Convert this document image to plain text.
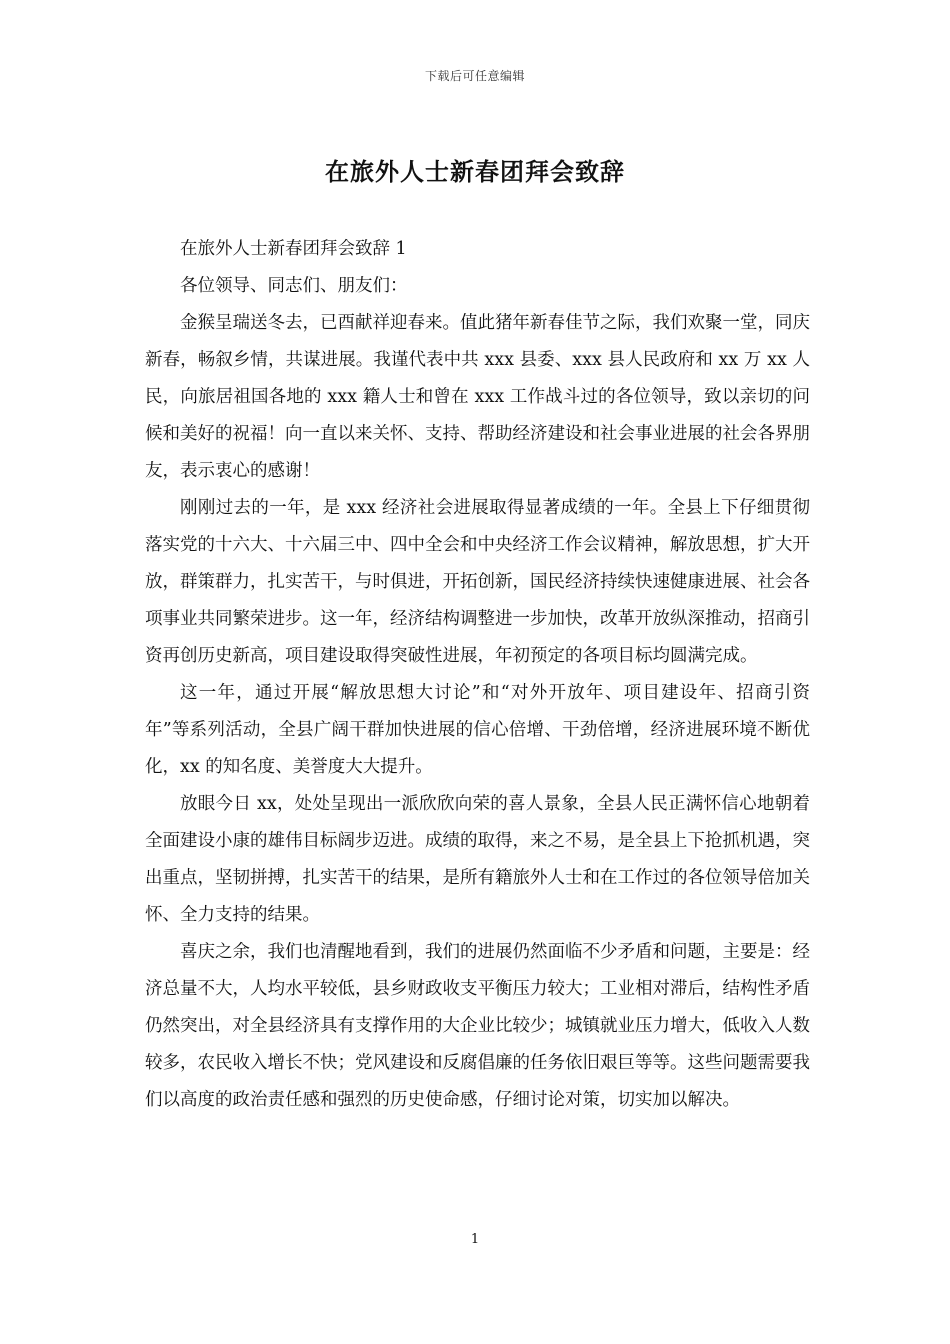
下载后可任意编辑
在旅外人士新春团拜会致辞

在旅外人士新春团拜会致辞 1

各位领导、同志们、朋友们：

金猴呈瑞送冬去，已酉献祥迎春来。值此猪年新春佳节之际，我们欢聚一堂，同庆新春，畅叙乡情，共谋进展。我谨代表中共 xxx 县委、xxx 县人民政府和 xx 万 xx 人民，向旅居祖国各地的 xxx 籍人士和曾在 xxx 工作战斗过的各位领导，致以亲切的问候和美好的祝福！向一直以来关怀、支持、帮助经济建设和社会事业进展的社会各界朋友，表示衷心的感谢！

刚刚过去的一年，是 xxx 经济社会进展取得显著成绩的一年。全县上下仔细贯彻落实党的十六大、十六届三中、四中全会和中央经济工作会议精神，解放思想，扩大开放，群策群力，扎实苦干，与时俱进，开拓创新，国民经济持续快速健康进展、社会各项事业共同繁荣进步。这一年，经济结构调整进一步加快，改革开放纵深推动，招商引资再创历史新高，项目建设取得突破性进展，年初预定的各项目标均圆满完成。

这一年，通过开展“解放思想大讨论”和“对外开放年、项目建设年、招商引资年”等系列活动，全县广阔干群加快进展的信心倍增、干劲倍增，经济进展环境不断优化，xx 的知名度、美誉度大大提升。

放眼今日 xx，处处呈现出一派欣欣向荣的喜人景象，全县人民正满怀信心地朝着全面建设小康的雄伟目标阔步迈进。成绩的取得，来之不易，是全县上下抢抓机遇，突出重点，坚韧拼搏，扎实苦干的结果，是所有籍旅外人士和在工作过的各位领导倍加关怀、全力支持的结果。

喜庆之余，我们也清醒地看到，我们的进展仍然面临不少矛盾和问题，主要是：经济总量不大，人均水平较低，县乡财政收支平衡压力较大；工业相对滞后，结构性矛盾仍然突出，对全县经济具有支撑作用的大企业比较少；城镇就业压力增大，低收入人数较多，农民收入增长不快；党风建设和反腐倡廉的任务依旧艰巨等等。这些问题需要我们以高度的政治责任感和强烈的历史使命感，仔细讨论对策，切实加以解决。

1
